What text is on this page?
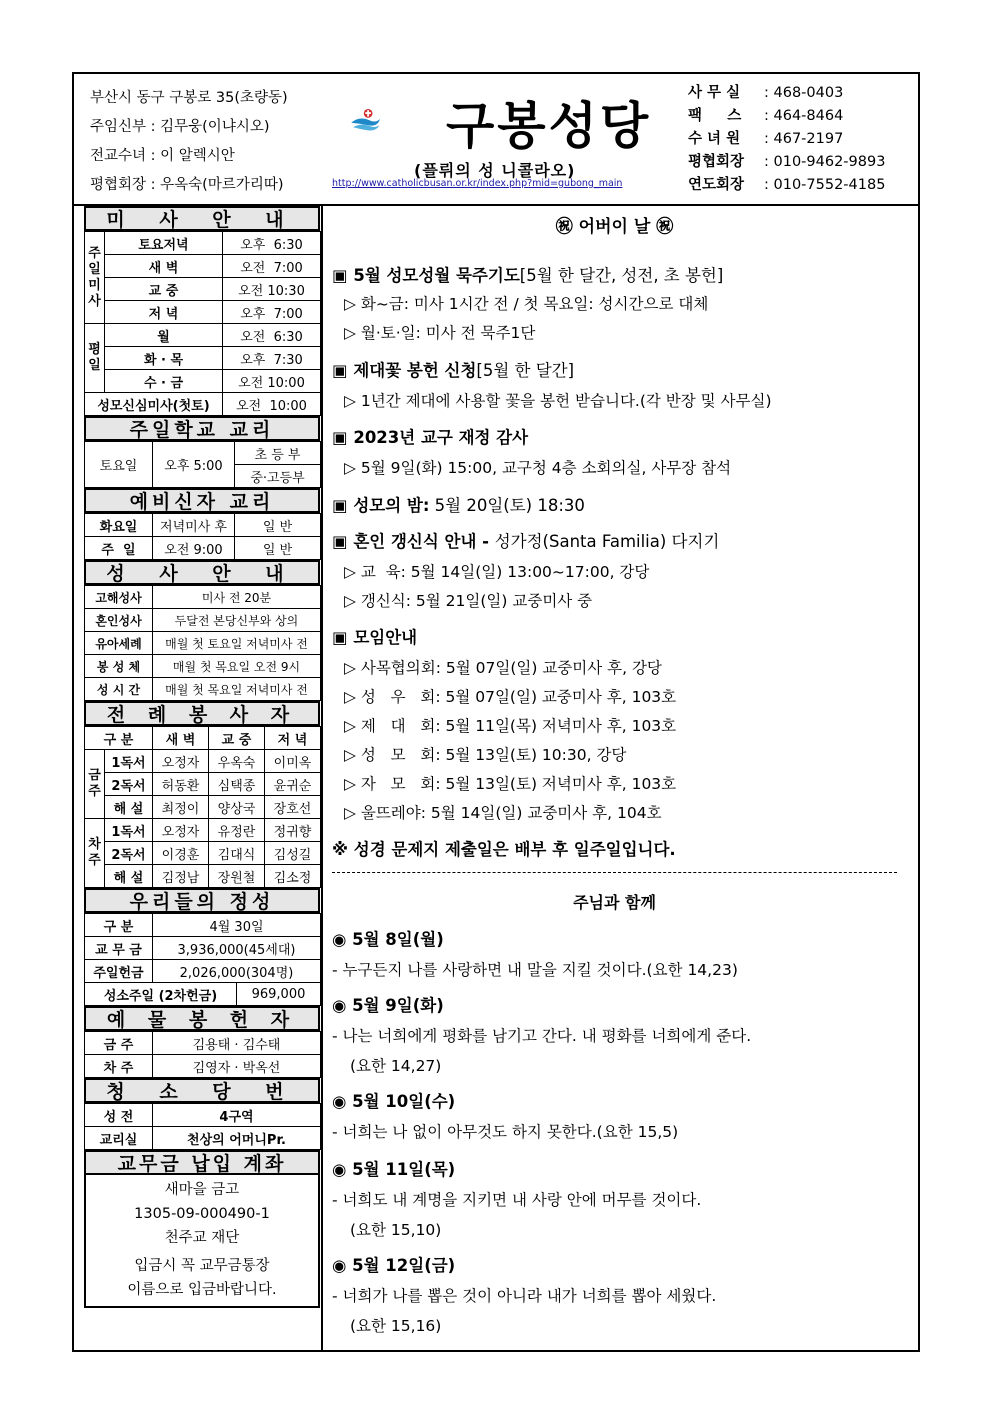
부산시 동구 구봉로 35(초량동)
주임신부 : 김무웅(이냐시오)
전교수녀 : 이 알렉시안
평협회장 : 우옥숙(마르가리따)
구봉성당
(플뤼의 성 니콜라오)
http://www.catholicbusan.or.kr/index.php?mid=gubong_main
사 무 실	: 468-0403
팩     스	: 464-8464
수 녀 원	: 467-2197
평협회장	: 010-9462-9893
연도회장	: 010-7552-4185
미 사 안 내
주일미사	토요저녁	오후  6:30
	새 벽	오전  7:00
	교 중	오전 10:30
	저 녁	오후  7:00

평일	월	오전  6:30
	화 · 목	오후  7:30
	수 · 금	오전 10:00
성모신심미사(첫토)		오전  10:00
주일학교 교리
토요일	오후 5:00	초 등 부
중·고등부
예비신자 교리
화요일	저녁미사 후	일 반
주  일	오전 9:00	일 반
성 사 안 내
고해성사	미사 전 20분
혼인성사	두달전 본당신부와 상의
유아세례	매월 첫 토요일 저녁미사 전
봉 성 체	매월 첫 목요일 오전 9시
성 시 간	매월 첫 목요일 저녁미사 전
전 례 봉 사 자
구 분		새 벽	교 중	저 녁

금주	1독서	오정자	우옥숙	이미옥
	2독서	허동환	심택종	윤귀순
	해 설	최정이	양상국	장호선

차주	1독서	오정자	유정란	정귀향
	2독서	이경훈	김대식	김성길
	해 설	김정남	장원철	김소정
우리들의 정성
구 분	4월 30일	
교 무 금	3,936,000(45세대)	
주일헌금	2,026,000(304명)	
성소주일 (2차헌금)		969,000
예 물 봉 헌 자
금 주	김용태 · 김수태
차 주	김영자 · 박옥선
청 소 당 번
성 전	4구역
교리실	천상의 어머니Pr.
교무금 납입 계좌
새마을 금고
1305-09-000490-1
천주교 재단
입금시 꼭 교무금통장
이름으로 입금바랍니다.
㊗ 어버이 날 ㊗
▣ 5월 성모성월 묵주기도[5월 한 달간, 성전, 초 봉헌]
▷ 화~금: 미사 1시간 전 / 첫 목요일: 성시간으로 대체
▷ 월·토·일: 미사 전 묵주1단
▣ 제대꽃 봉헌 신청[5월 한 달간]
▷ 1년간 제대에 사용할 꽃을 봉헌 받습니다.(각 반장 및 사무실)
▣ 2023년 교구 재정 감사
▷ 5월 9일(화) 15:00, 교구청 4층 소회의실, 사무장 참석
▣ 성모의 밤: 5월 20일(토) 18:30
▣ 혼인 갱신식 안내 - 성가정(Santa Familia) 다지기
▷ 교  육: 5월 14일(일) 13:00~17:00, 강당
▷ 갱신식: 5월 21일(일) 교중미사 중
▣ 모임안내
▷ 사목협의회: 5월 07일(일) 교중미사 후, 강당
▷ 성   우   회: 5월 07일(일) 교중미사 후, 103호
▷ 제   대   회: 5월 11일(목) 저녁미사 후, 103호
▷ 성   모   회: 5월 13일(토) 10:30, 강당
▷ 자   모   회: 5월 13일(토) 저녁미사 후, 103호
▷ 울뜨레야: 5월 14일(일) 교중미사 후, 104호
※ 성경 문제지 제출일은 배부 후 일주일입니다.
주님과 함께
◉ 5월 8일(월)
- 누구든지 나를 사랑하면 내 말을 지킬 것이다.(요한 14,23)
◉ 5월 9일(화)
- 나는 너희에게 평화를 남기고 간다. 내 평화를 너희에게 준다.
(요한 14,27)
◉ 5월 10일(수)
- 너희는 나 없이 아무것도 하지 못한다.(요한 15,5)
◉ 5월 11일(목)
- 너희도 내 계명을 지키면 내 사랑 안에 머무를 것이다.
(요한 15,10)
◉ 5월 12일(금)
- 너희가 나를 뽑은 것이 아니라 내가 너희를 뽑아 세웠다.
(요한 15,16)
